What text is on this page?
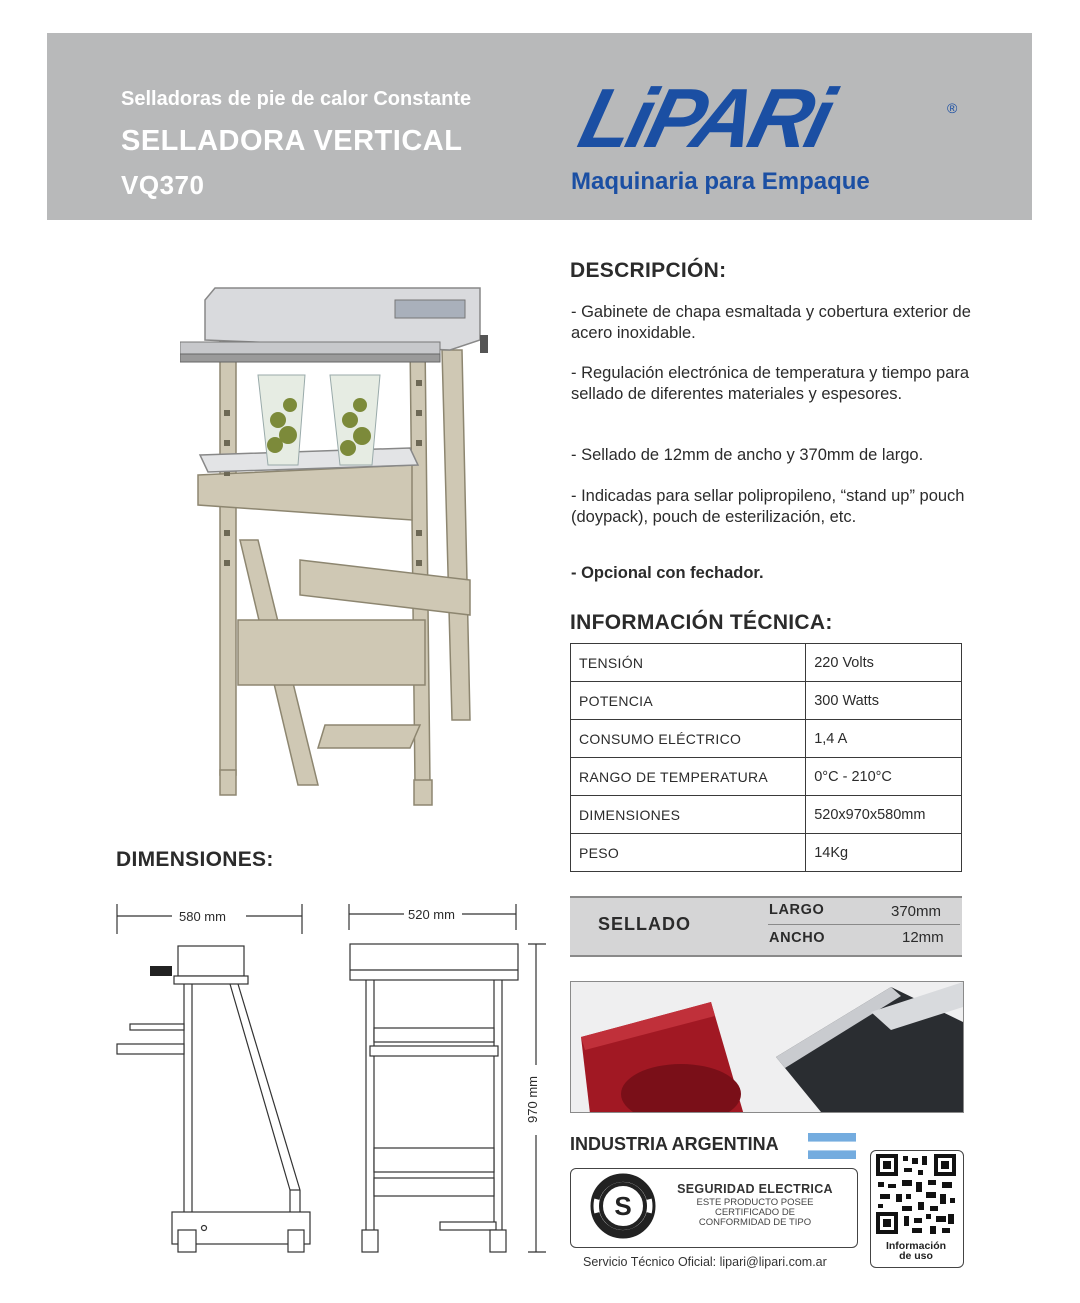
Selladoras de pie de calor Constante
SELLADORA VERTICAL
VQ370
LiPARi	®
Maquinaria para Empaque
DESCRIPCIÓN:
- Gabinete de chapa esmaltada y cobertura exterior de acero inoxidable.
- Regulación electrónica de temperatura y tiempo para sellado de diferentes materiales y espesores.
- Sellado de 12mm de ancho y 370mm de largo.
- Indicadas para sellar polipropileno, “stand up” pouch (doypack), pouch de esterilización, etc.
- Opcional con fechador.
INFORMACIÓN TÉCNICA:
TENSIÓN	220 Volts
POTENCIA	300 Watts
CONSUMO ELÉCTRICO	1,4 A
RANGO DE TEMPERATURA	0°C - 210°C
DIMENSIONES	520x970x580mm
PESO	14Kg
SELLADO
LARGO	370mm
ANCHO	12mm
INDUSTRIA ARGENTINA
S
SEGURIDAD ELECTRICA
ESTE PRODUCTO POSEE
CERTIFICADO DE
CONFORMIDAD DE TIPO
Servicio Técnico Oficial: lipari@lipari.com.ar
Información
de uso
DIMENSIONES:
580 mm	520 mm
970 mm
